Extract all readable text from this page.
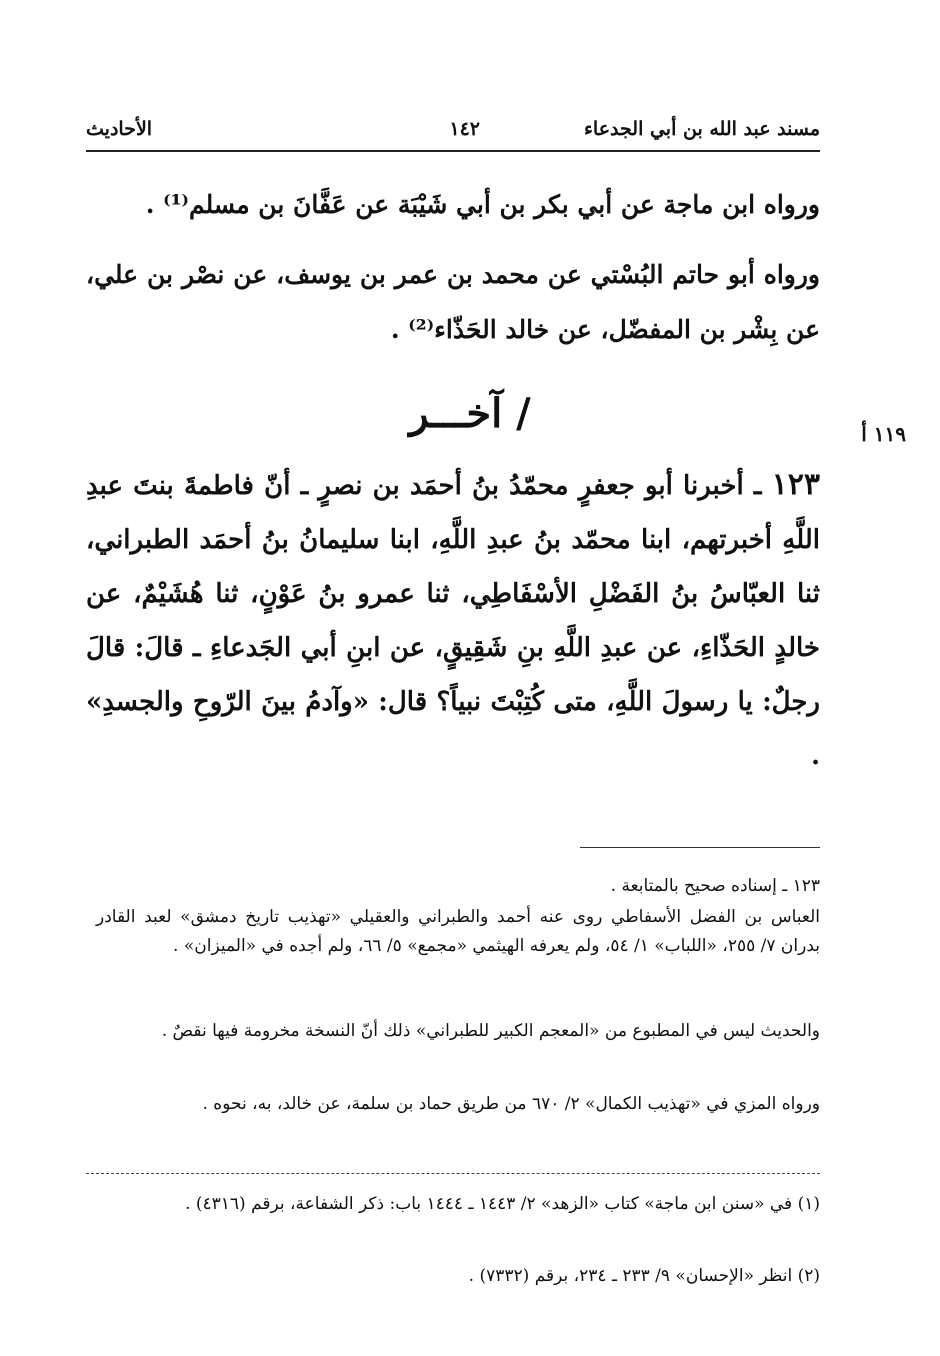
مسند عبد الله بن أبي الجدعاء
١٤٢
الأحاديث
ورواه ابن ماجة عن أبي بكر بن أبي شَيْبَة عن عَفَّانَ بن مسلم⁽¹⁾ .
ورواه أبو حاتم البُسْتي عن محمد بن عمر بن يوسف، عن نصْر بن علي، عن بِشْر بن المفضّل، عن خالد الحَذّاء⁽²⁾ .
/ آخـــر	١١٩ أ
١٢٣ ـ أخبرنا أبو جعفرٍ محمّدُ بنُ أحمَد بن نصرٍ ـ أنّ فاطمةَ بنتَ عبدِ اللَّهِ أخبرتهم، ابنا محمّد بنُ عبدِ اللَّهِ، ابنا سليمانُ بنُ أحمَد الطبراني، ثنا العبّاسُ بنُ الفَضْلِ الأسْفَاطِي، ثنا عمرو بنُ عَوْنٍ، ثنا هُشَيْمٌ، عن خالدٍ الحَذّاءِ، عن عبدِ اللَّهِ بنِ شَقِيقٍ، عن ابنِ أبي الجَدعاءِ ـ قالَ: قالَ رجلٌ: يا رسولَ اللَّهِ، متى كُتِبْتَ نبياً؟ قال: «وآدمُ بينَ الرّوحِ والجسدِ» .
١٢٣ ـ إسناده صحيح بالمتابعة .
العباس بن الفضل الأسفاطي روى عنه أحمد والطبراني والعقيلي «تهذيب تاريخ دمشق» لعبد القادر بدران ٧/ ٢٥٥، «اللباب» ١/ ٥٤، ولم يعرفه الهيثمي «مجمع» ٥/ ٦٦، ولم أجده في «الميزان» .
والحديث ليس في المطبوع من «المعجم الكبير للطبراني» ذلك أنّ النسخة مخرومة فيها نقصٌ .
ورواه المزي في «تهذيب الكمال» ٢/ ٦٧٠ من طريق حماد بن سلمة، عن خالد، به، نحوه .
(١) في «سنن ابن ماجة» كتاب «الزهد» ٢/ ١٤٤٣ ـ ١٤٤٤ باب: ذكر الشفاعة، برقم (٤٣١٦) .
(٢) انظر «الإحسان» ٩/ ٢٣٣ ـ ٢٣٤، برقم (٧٣٣٢) .
